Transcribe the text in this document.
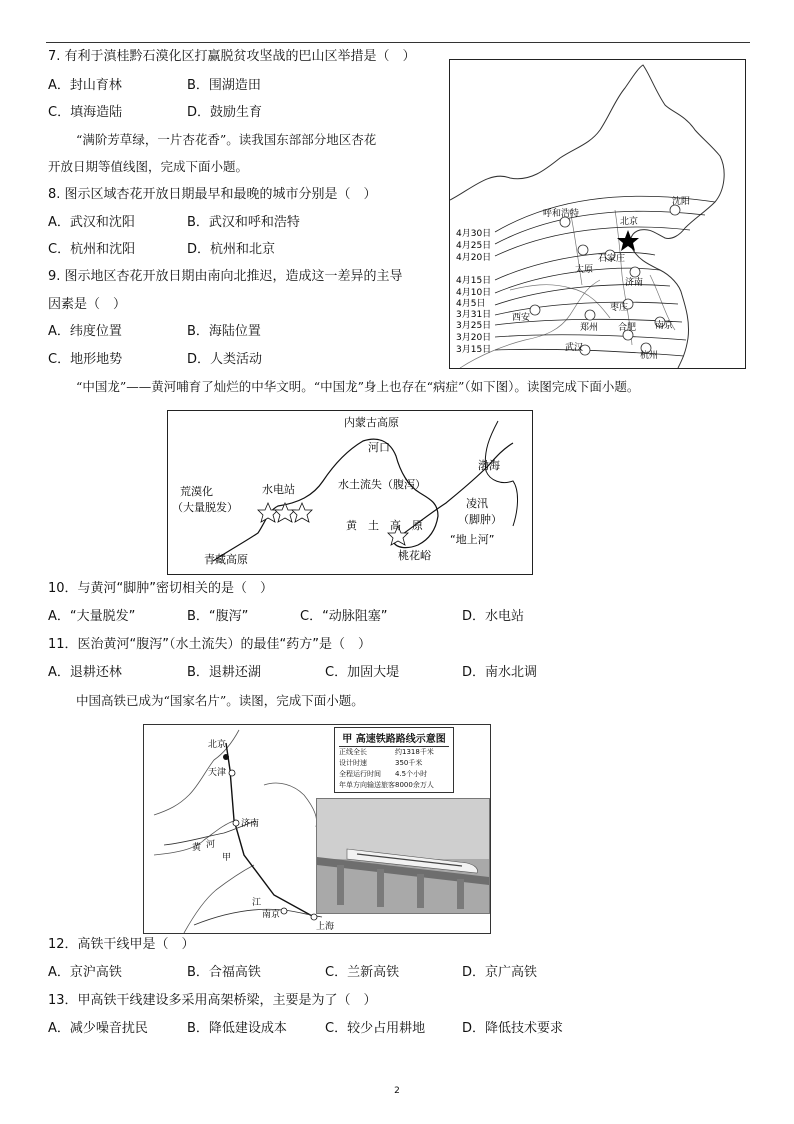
7. 有利于滇桂黔石漠化区打赢脱贫攻坚战的巴山区举措是（　）
A．封山育林	B．围湖造田
C．填海造陆	D．鼓励生育
“满阶芳草绿，一片杏花香”。读我国东部部分地区杏花
开放日期等值线图，完成下面小题。
8. 图示区域杏花开放日期最早和最晚的城市分别是（　）
A．武汉和沈阳	B．武汉和呼和浩特
C．杭州和沈阳	D．杭州和北京
9. 图示地区杏花开放日期由南向北推迟，造成这一差异的主导
因素是（　）
A．纬度位置	B．海陆位置
C．地形地势	D．人类活动
呼和浩特
北京
沈阳
太原
石家庄
济南
西安
枣庄
郑州 合肥 南京
武汉
杭州
4月30日
4月25日
4月20日
4月15日
4月10日
4月5日
3月31日
3月25日
3月20日
3月15日
“中国龙”——黄河哺育了灿烂的中华文明。“中国龙”身上也存在“病症”（如下图）。读图完成下面小题。
内蒙古高原
河口
渤海
荒漠化
（大量脱发）
水电站	水土流失（腹泻）
黄　土　高　原
凌汛
（脚肿）
“地上河”
桃花峪
青藏高原
10．与黄河“脚肿”密切相关的是（　）
A．“大量脱发”	B．“腹泻”	C．“动脉阻塞”	D．水电站
11．医治黄河“腹泻”（水土流失）的最佳“药方”是（　）
A．退耕还林	B．退耕还湖	C．加固大堤	D．南水北调
中国高铁已成为“国家名片”。读图，完成下面小题。
北京
天津
济南
南京
上海
甲
黄 河
江
甲 高速铁路路线示意图
正线全长	约1318千米
设计时速	350千米
全程运行时间	4.5个小时
年单方向输送旅客 8000余万人
12．高铁干线甲是（　）
A．京沪高铁	B．合福高铁	C．兰新高铁	D．京广高铁
13．甲高铁干线建设多采用高架桥梁，主要是为了（　）
A．减少噪音扰民	B．降低建设成本	C．较少占用耕地	D．降低技术要求
2
